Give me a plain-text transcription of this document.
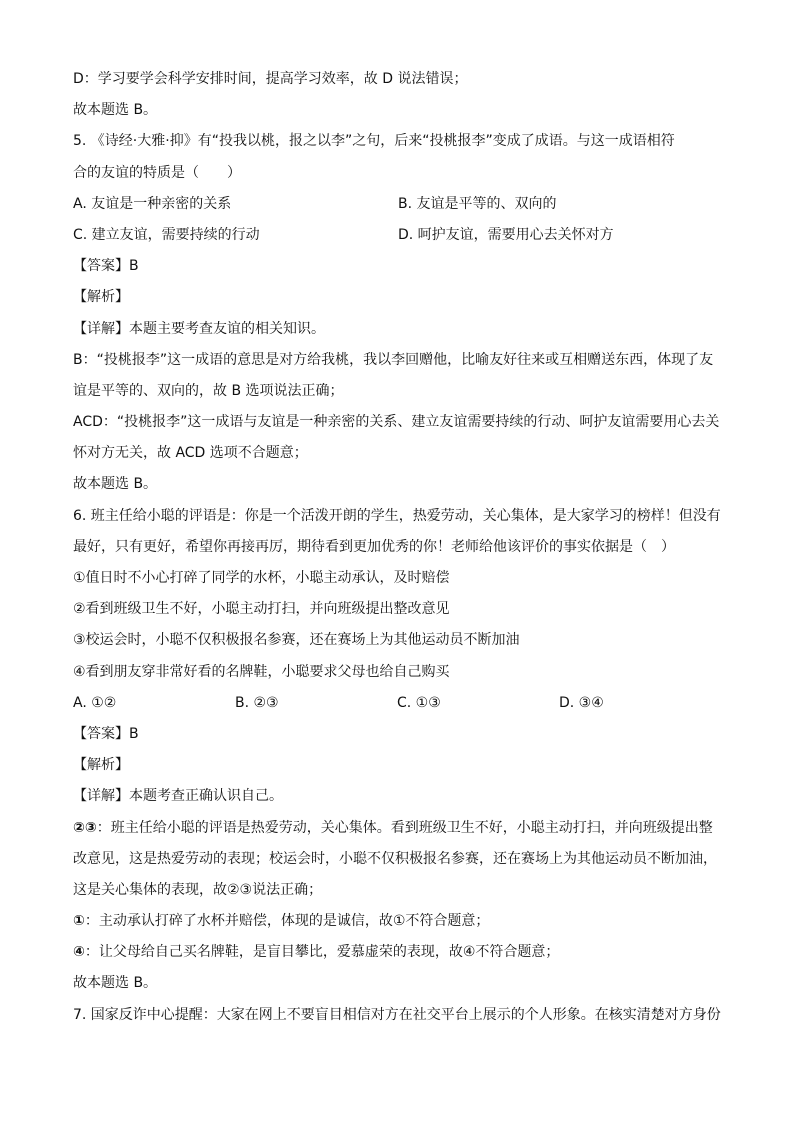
D：学习要学会科学安排时间，提高学习效率，故 D 说法错误；
故本题选 B。
5. 《诗经·大雅·抑》有“投我以桃，报之以李”之句，后来“投桃报李”变成了成语。与这一成语相符
合的友谊的特质是（　　）
A. 友谊是一种亲密的关系	B. 友谊是平等的、双向的
C. 建立友谊，需要持续的行动	D. 呵护友谊，需要用心去关怀对方
【答案】B
【解析】
【详解】本题主要考查友谊的相关知识。
B：“投桃报李”这一成语的意思是对方给我桃，我以李回赠他，比喻友好往来或互相赠送东西，体现了友
谊是平等的、双向的，故 B 选项说法正确；
ACD：“投桃报李”这一成语与友谊是一种亲密的关系、建立友谊需要持续的行动、呵护友谊需要用心去关
怀对方无关，故 ACD 选项不合题意；
故本题选 B。
6. 班主任给小聪的评语是：你是一个活泼开朗的学生，热爱劳动，关心集体，是大家学习的榜样！但没有
最好，只有更好，希望你再接再厉，期待看到更加优秀的你！老师给他该评价的事实依据是（　）
①值日时不小心打碎了同学的水杯，小聪主动承认，及时赔偿
②看到班级卫生不好，小聪主动打扫，并向班级提出整改意见
③校运会时，小聪不仅积极报名参赛，还在赛场上为其他运动员不断加油
④看到朋友穿非常好看的名牌鞋，小聪要求父母也给自己购买
A. ①②	B. ②③	C. ①③	D. ③④
【答案】B
【解析】
【详解】本题考查正确认识自己。
②③：班主任给小聪的评语是热爱劳动，关心集体。看到班级卫生不好，小聪主动打扫，并向班级提出整
改意见，这是热爱劳动的表现；校运会时，小聪不仅积极报名参赛，还在赛场上为其他运动员不断加油，
这是关心集体的表现，故②③说法正确；
①：主动承认打碎了水杯并赔偿，体现的是诚信，故①不符合题意；
④：让父母给自己买名牌鞋，是盲目攀比，爱慕虚荣的表现，故④不符合题意；
故本题选 B。
7. 国家反诈中心提醒：大家在网上不要盲目相信对方在社交平台上展示的个人形象。在核实清楚对方身份
